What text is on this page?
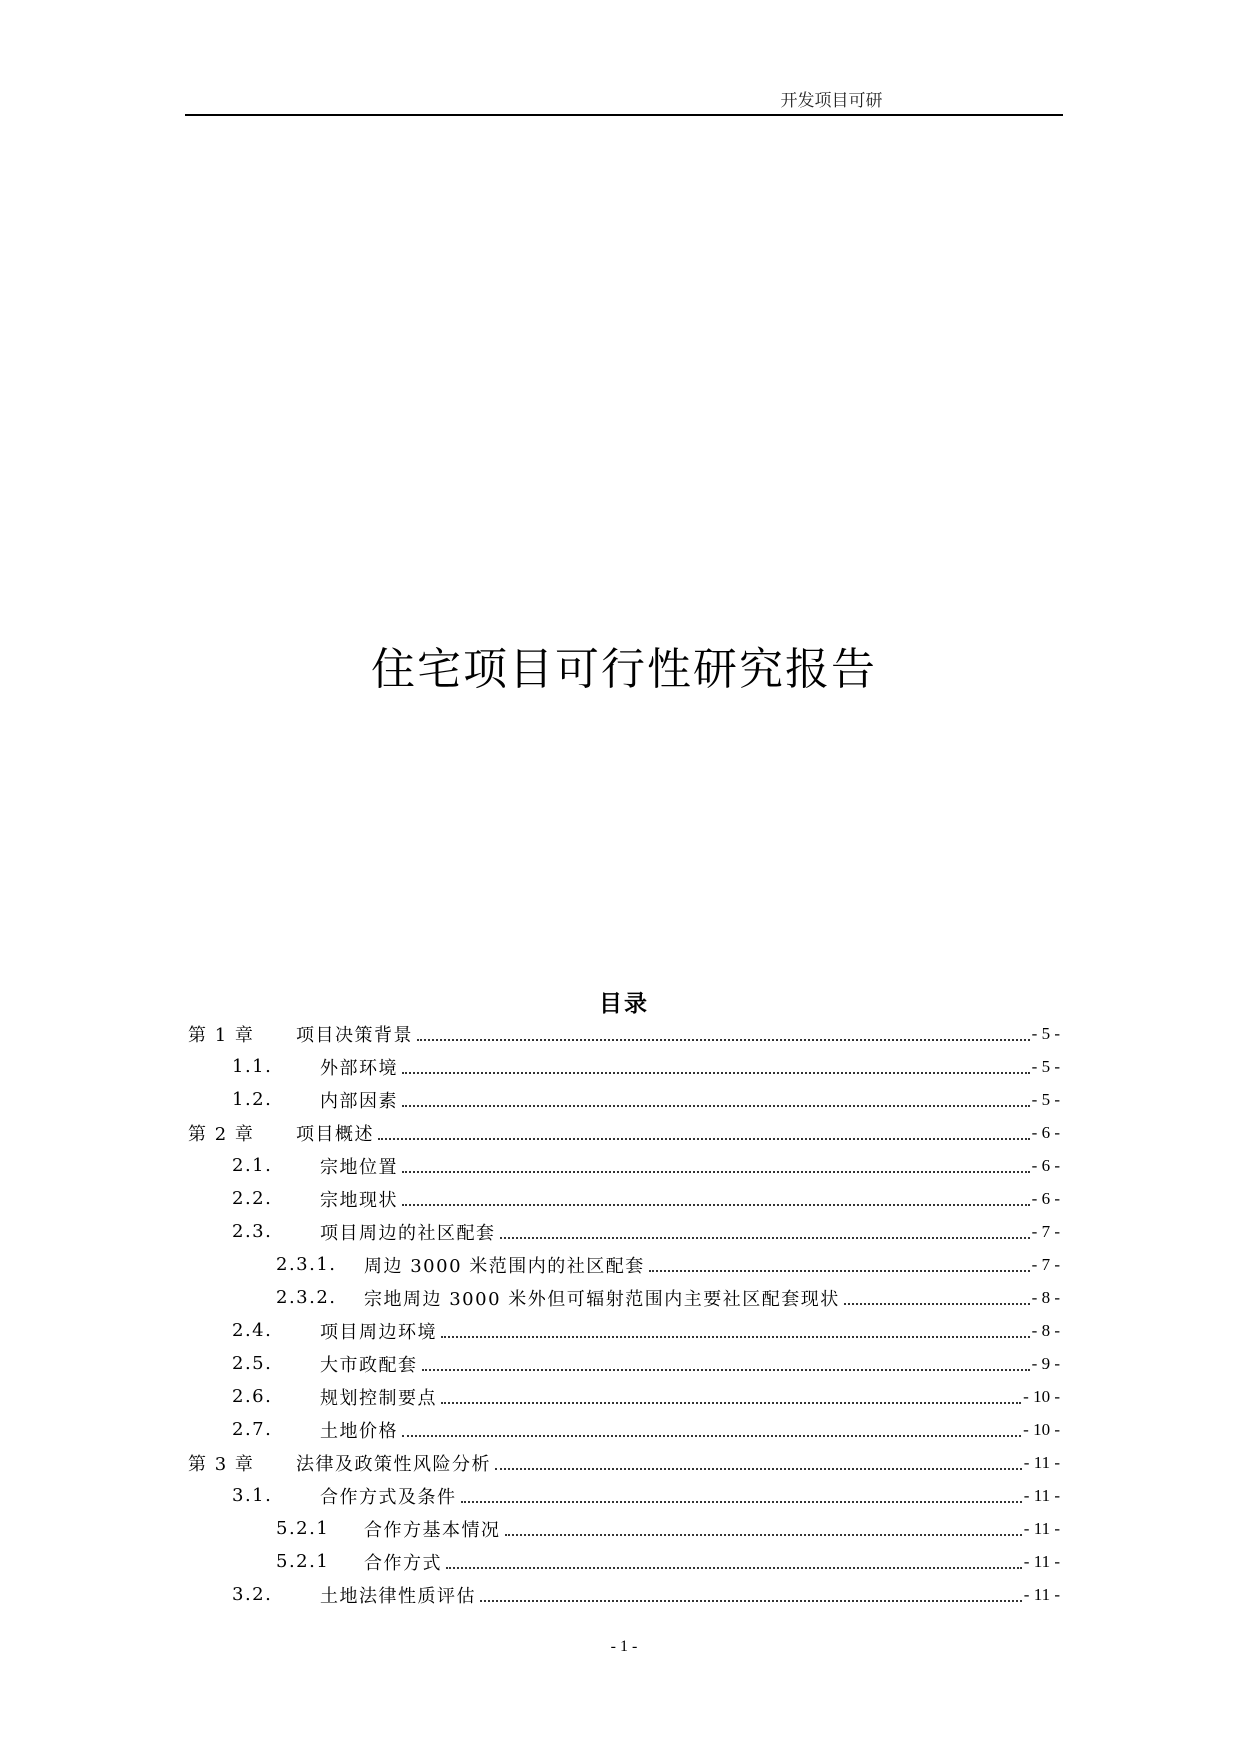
开发项目可研
住宅项目可行性研究报告
目录
第 1 章	项目决策背景	- 5 -
1.1.	外部环境	- 5 -
1.2.	内部因素	- 5 -
第 2 章	项目概述	- 6 -
2.1.	宗地位置	- 6 -
2.2.	宗地现状	- 6 -
2.3.	项目周边的社区配套	- 7 -
2.3.1.	周边 3000 米范围内的社区配套	- 7 -
2.3.2.	宗地周边 3000 米外但可辐射范围内主要社区配套现状	- 8 -
2.4.	项目周边环境	- 8 -
2.5.	大市政配套	- 9 -
2.6.	规划控制要点	- 10 -
2.7.	土地价格	- 10 -
第 3 章	法律及政策性风险分析	- 11 -
3.1.	合作方式及条件	- 11 -
5.2.1	合作方基本情况	- 11 -
5.2.1	合作方式	- 11 -
3.2.	土地法律性质评估	- 11 -
- 1 -
